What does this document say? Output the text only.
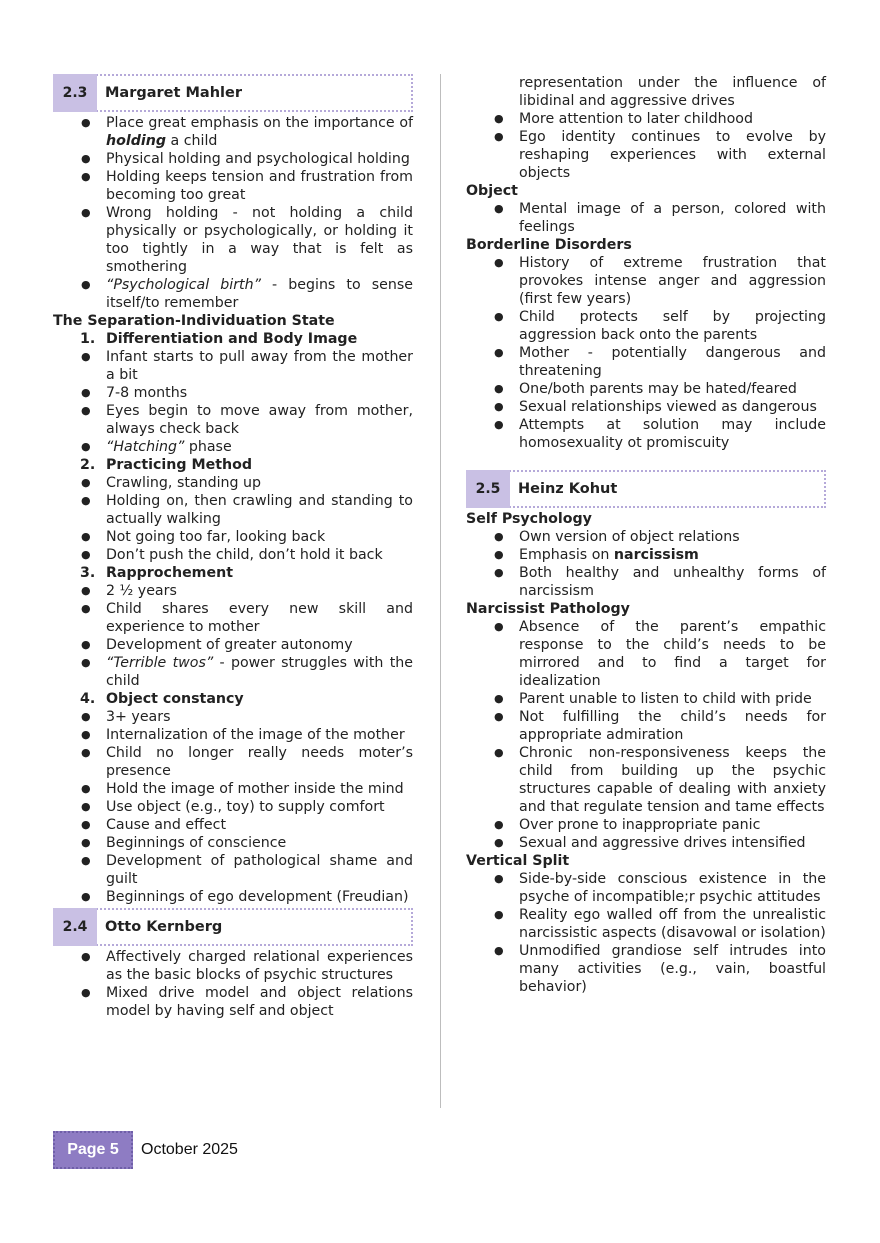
2.3	Margaret Mahler
● Place great emphasis on the importance of holding a child
● Physical holding and psychological holding
● Holding keeps tension and frustration from becoming too great
● Wrong holding - not holding a child physically or psychologically, or holding it too tightly in a way that is felt as smothering
● “Psychological birth” - begins to sense itself/to remember
The Separation-Individuation State
1. Differentiation and Body Image
● Infant starts to pull away from the mother a bit
● 7-8 months
● Eyes begin to move away from mother, always check back
● “Hatching” phase
2. Practicing Method
● Crawling, standing up
● Holding on, then crawling and standing to actually walking
● Not going too far, looking back
● Don’t push the child, don’t hold it back
3. Rapprochement
● 2 ½ years
● Child shares every new skill and experience to mother
● Development of greater autonomy
● “Terrible twos” - power struggles with the child
4. Object constancy
● 3+ years
● Internalization of the image of the mother
● Child no longer really needs moter’s presence
● Hold the image of mother inside the mind
● Use object (e.g., toy) to supply comfort
● Cause and effect
● Beginnings of conscience
● Development of pathological shame and guilt
● Beginnings of ego development (Freudian)
2.4	Otto Kernberg
● Affectively charged relational experiences as the basic blocks of psychic structures
● Mixed drive model and object relations model by having self and object
representation under the influence of libidinal and aggressive drives
● More attention to later childhood
● Ego identity continues to evolve by reshaping experiences with external objects
Object
● Mental image of a person, colored with feelings
Borderline Disorders
● History of extreme frustration that provokes intense anger and aggression (first few years)
● Child protects self by projecting aggression back onto the parents
● Mother - potentially dangerous and threatening
● One/both parents may be hated/feared
● Sexual relationships viewed as dangerous
● Attempts at solution may include homosexuality ot promiscuity
2.5	Heinz Kohut
Self Psychology
● Own version of object relations
● Emphasis on narcissism
● Both healthy and unhealthy forms of narcissism
Narcissist Pathology
● Absence of the parent’s empathic response to the child’s needs to be mirrored and to find a target for idealization
● Parent unable to listen to child with pride
● Not fulfilling the child’s needs for appropriate admiration
● Chronic non-responsiveness keeps the child from building up the psychic structures capable of dealing with anxiety and that regulate tension and tame effects
● Over prone to inappropriate panic
● Sexual and aggressive drives intensified
Vertical Split
● Side-by-side conscious existence in the psyche of incompatible;r psychic attitudes
● Reality ego walled off from the unrealistic narcissistic aspects (disavowal or isolation)
● Unmodified grandiose self intrudes into many activities (e.g., vain, boastful behavior)
Page 5	October 2025
